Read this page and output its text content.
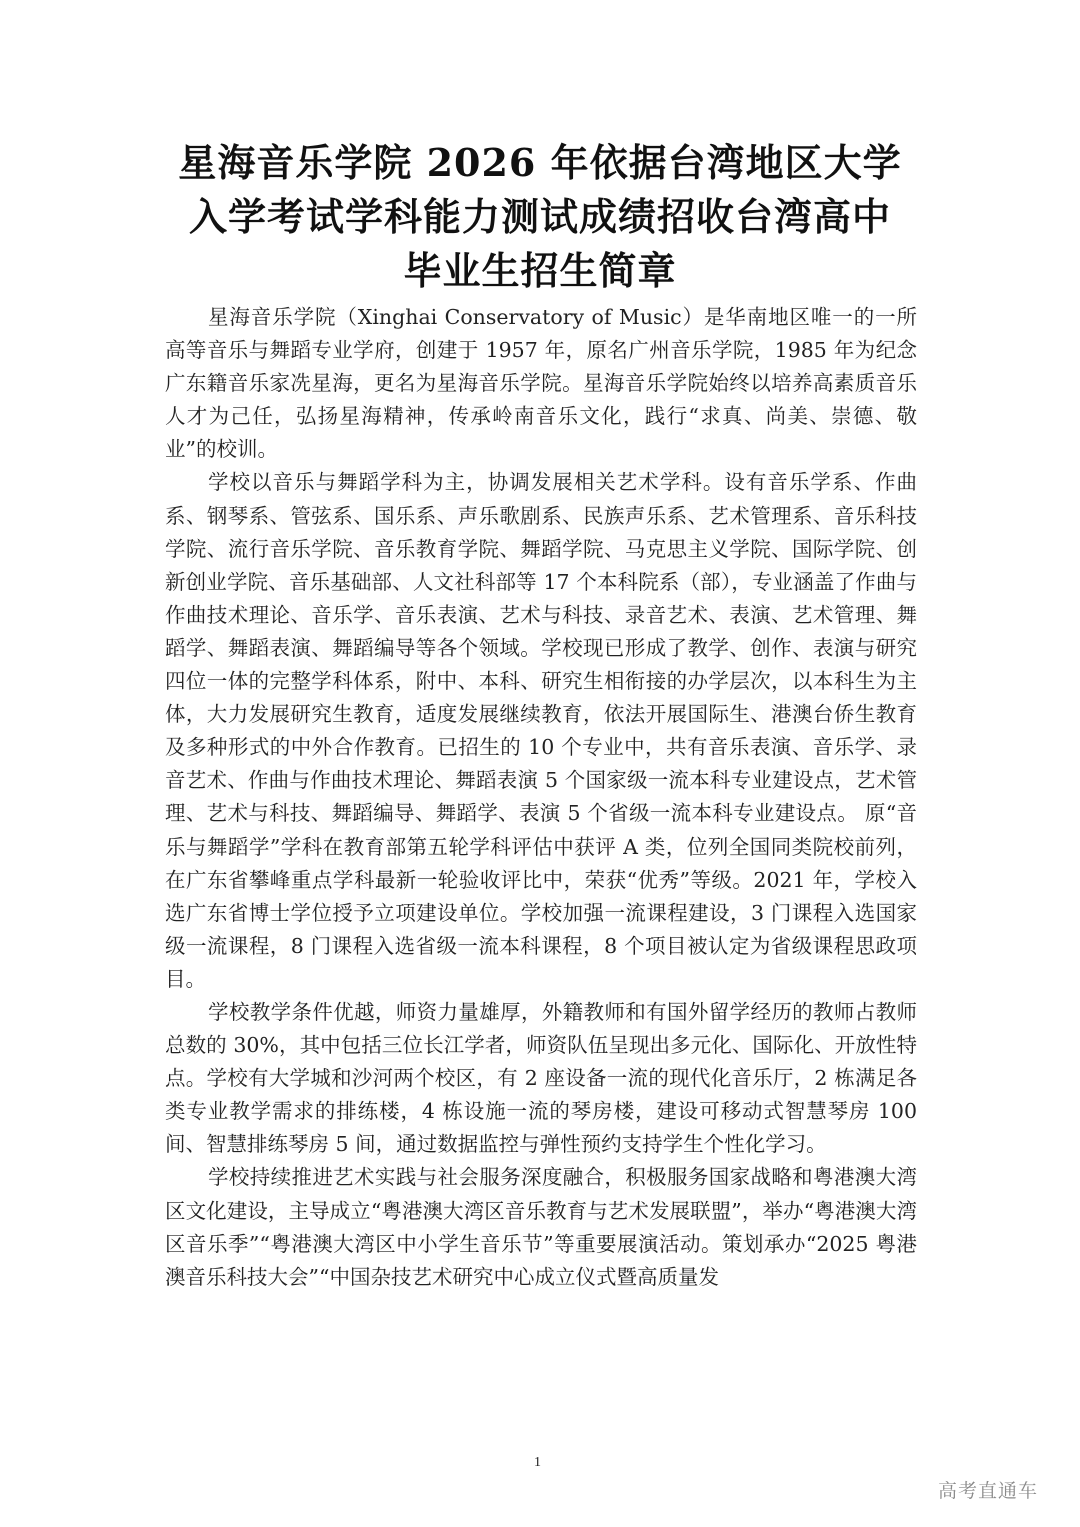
星海音乐学院 2026 年依据台湾地区大学
入学考试学科能力测试成绩招收台湾高中
毕业生招生简章

星海音乐学院（Xinghai Conservatory of Music）是华南地区唯一的一所高等音乐与舞蹈专业学府，创建于 1957 年，原名广州音乐学院，1985 年为纪念广东籍音乐家冼星海，更名为星海音乐学院。星海音乐学院始终以培养高素质音乐人才为己任，弘扬星海精神，传承岭南音乐文化，践行“求真、尚美、崇德、敬业”的校训。

学校以音乐与舞蹈学科为主，协调发展相关艺术学科。设有音乐学系、作曲系、钢琴系、管弦系、国乐系、声乐歌剧系、民族声乐系、艺术管理系、音乐科技学院、流行音乐学院、音乐教育学院、舞蹈学院、马克思主义学院、国际学院、创新创业学院、音乐基础部、人文社科部等 17 个本科院系（部），专业涵盖了作曲与作曲技术理论、音乐学、音乐表演、艺术与科技、录音艺术、表演、艺术管理、舞蹈学、舞蹈表演、舞蹈编导等各个领域。学校现已形成了教学、创作、表演与研究四位一体的完整学科体系，附中、本科、研究生相衔接的办学层次，以本科生为主体，大力发展研究生教育，适度发展继续教育，依法开展国际生、港澳台侨生教育及多种形式的中外合作教育。已招生的 10 个专业中，共有音乐表演、音乐学、录音艺术、作曲与作曲技术理论、舞蹈表演 5 个国家级一流本科专业建设点，艺术管理、艺术与科技、舞蹈编导、舞蹈学、表演 5 个省级一流本科专业建设点。 原“音乐与舞蹈学”学科在教育部第五轮学科评估中获评 A 类，位列全国同类院校前列，在广东省攀峰重点学科最新一轮验收评比中，荣获“优秀”等级。2021 年，学校入选广东省博士学位授予立项建设单位。学校加强一流课程建设，3 门课程入选国家级一流课程，8 门课程入选省级一流本科课程，8 个项目被认定为省级课程思政项目。

学校教学条件优越，师资力量雄厚，外籍教师和有国外留学经历的教师占教师总数的 30%，其中包括三位长江学者，师资队伍呈现出多元化、国际化、开放性特点。学校有大学城和沙河两个校区，有 2 座设备一流的现代化音乐厅，2 栋满足各类专业教学需求的排练楼，4 栋设施一流的琴房楼，建设可移动式智慧琴房 100 间、智慧排练琴房 5 间，通过数据监控与弹性预约支持学生个性化学习。

学校持续推进艺术实践与社会服务深度融合，积极服务国家战略和粤港澳大湾区文化建设，主导成立“粤港澳大湾区音乐教育与艺术发展联盟”，举办“粤港澳大湾区音乐季”“粤港澳大湾区中小学生音乐节”等重要展演活动。策划承办“2025 粤港澳音乐科技大会”“中国杂技艺术研究中心成立仪式暨高质量发

1
高考直通车
